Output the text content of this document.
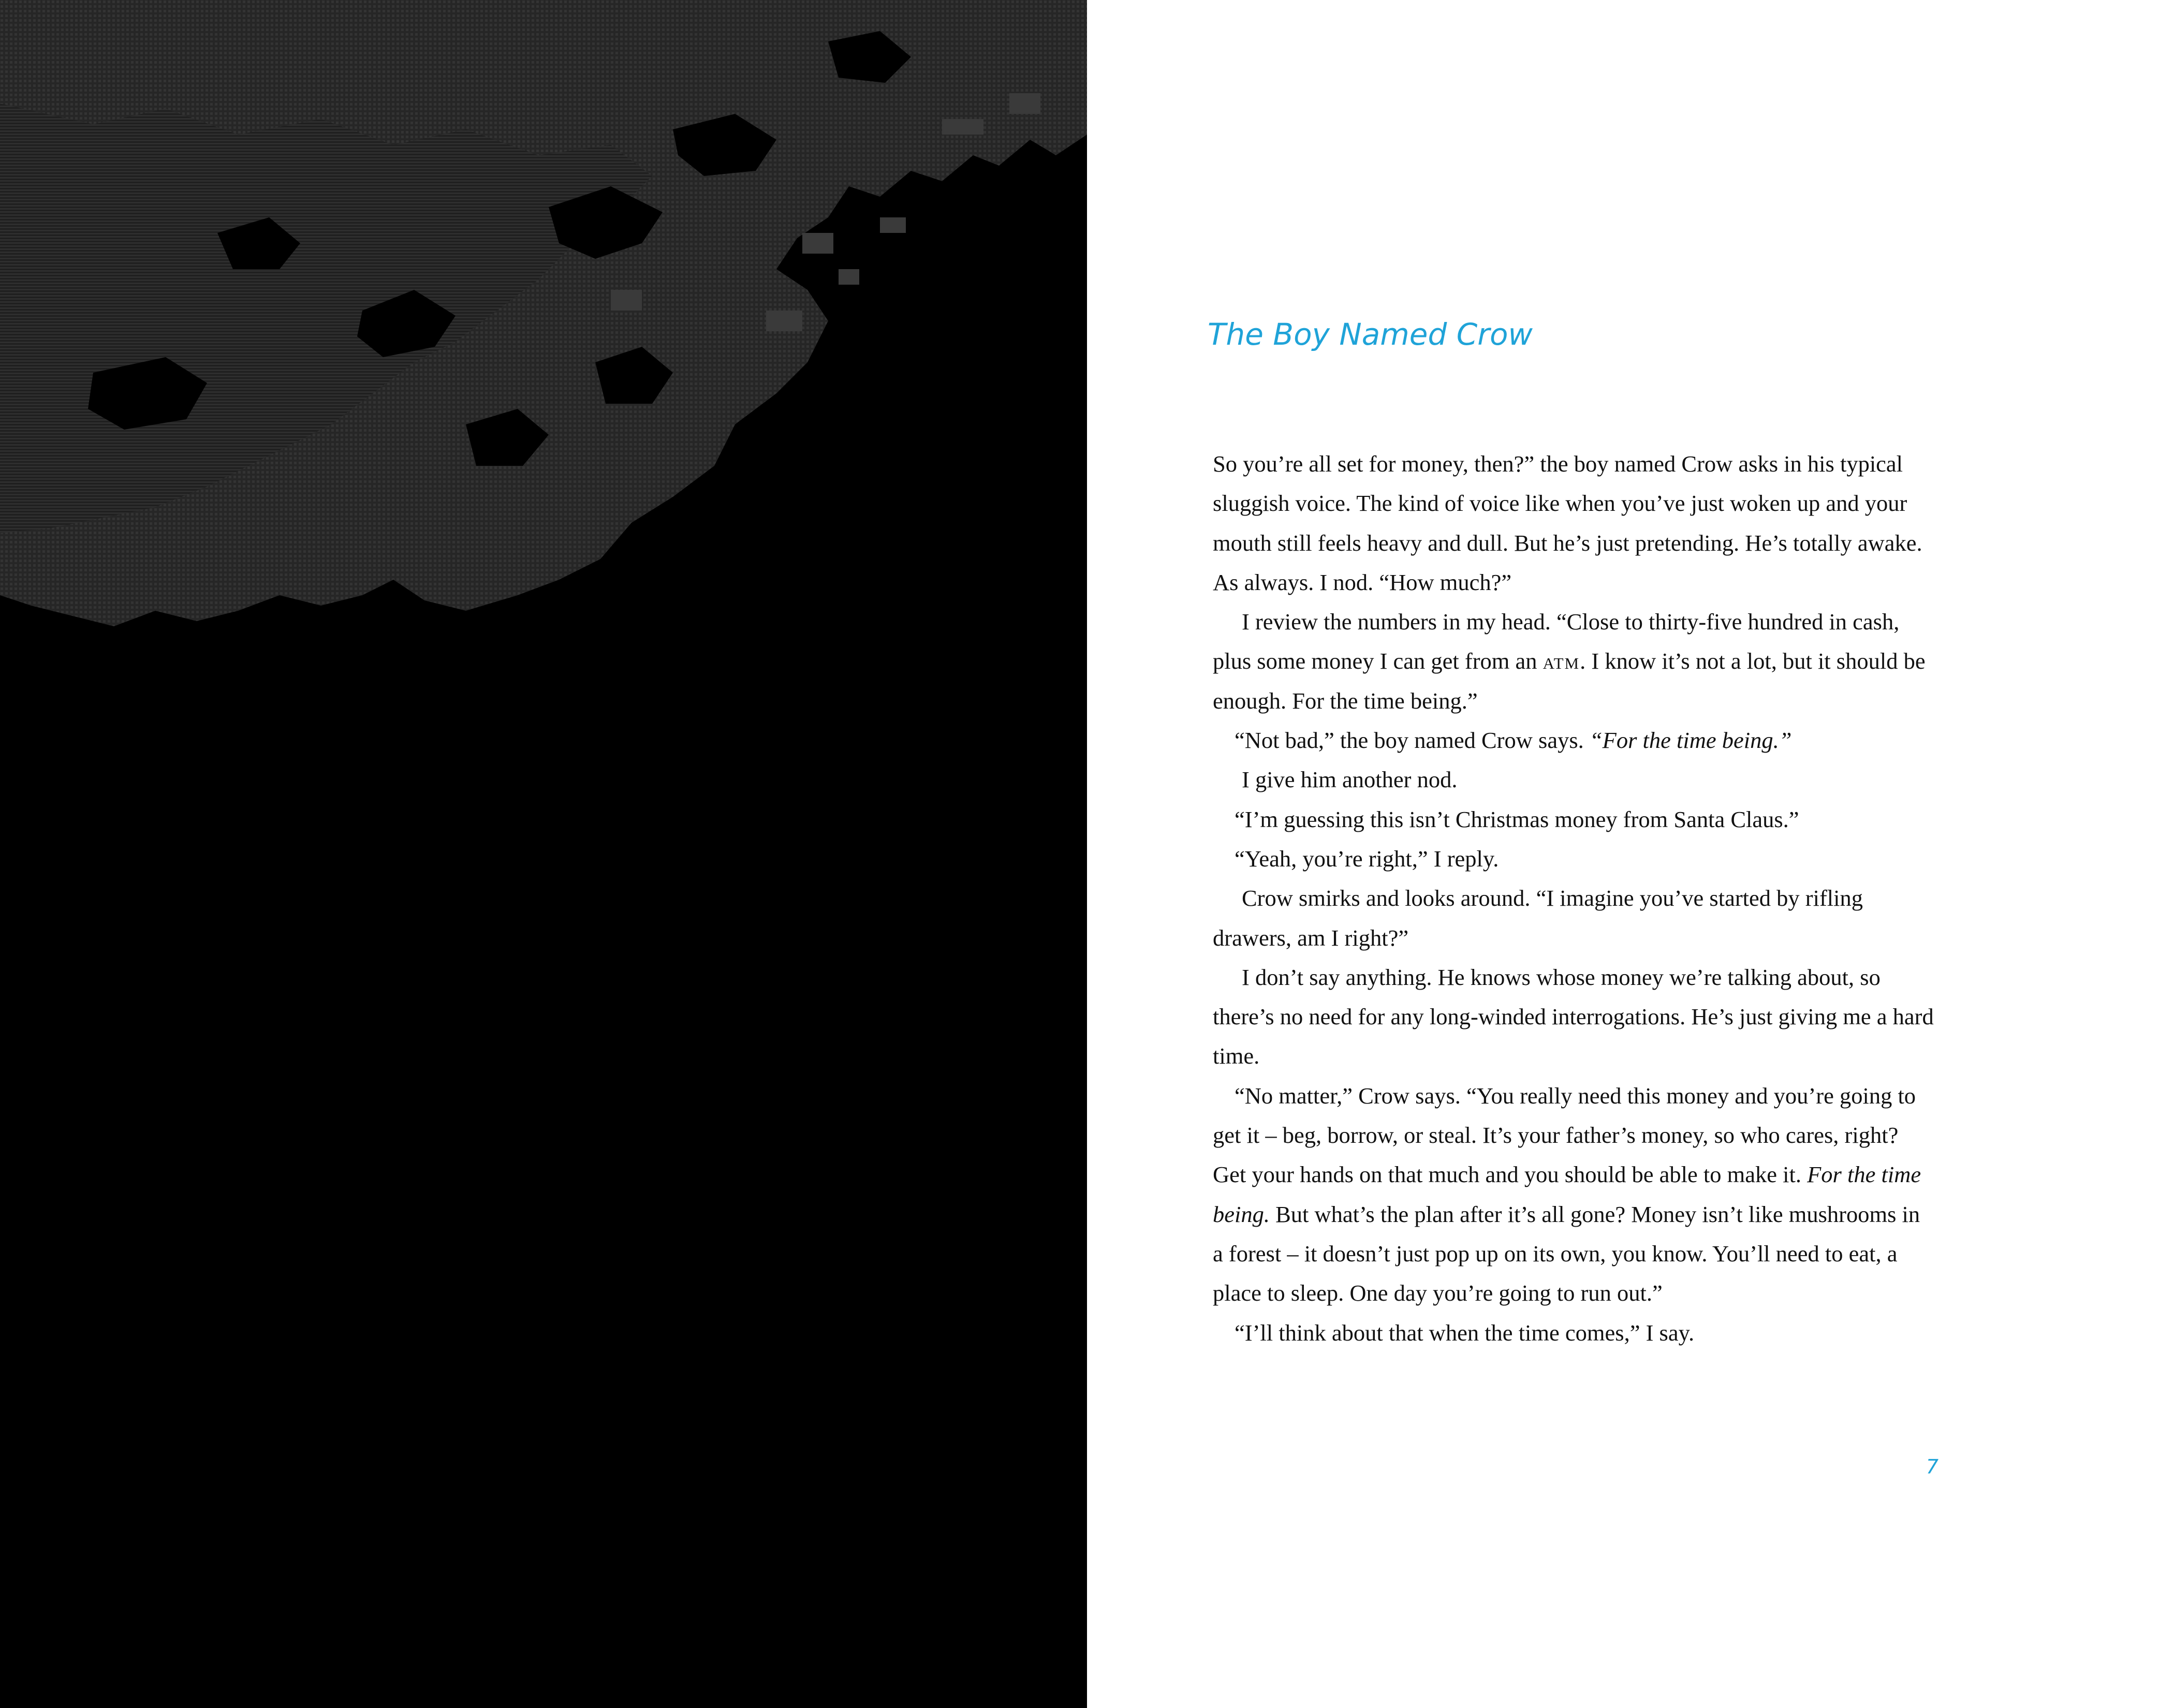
The Boy Named Crow

So you’re all set for money, then?” the boy named Crow asks in his typical sluggish voice. The kind of voice like when you’ve just woken up and your mouth still feels heavy and dull. But he’s just pretending. He’s totally awake. As always. I nod. “How much?”

I review the numbers in my head. “Close to thirty-five hundred in cash, plus some money I can get from an atm. I know it’s not a lot, but it should be enough. For the time being.”

“Not bad,” the boy named Crow says. “For the time being.”

I give him another nod.

“I’m guessing this isn’t Christmas money from Santa Claus.”

“Yeah, you’re right,” I reply.

Crow smirks and looks around. “I imagine you’ve started by rifling drawers, am I right?”

I don’t say anything. He knows whose money we’re talking about, so there’s no need for any long-winded interrogations. He’s just giving me a hard time.

“No matter,” Crow says. “You really need this money and you’re going to get it – beg, borrow, or steal. It’s your father’s money, so who cares, right? Get your hands on that much and you should be able to make it. For the time being. But what’s the plan after it’s all gone? Money isn’t like mushrooms in a forest – it doesn’t just pop up on its own, you know. You’ll need to eat, a place to sleep. One day you’re going to run out.”

“I’ll think about that when the time comes,” I say.

7
